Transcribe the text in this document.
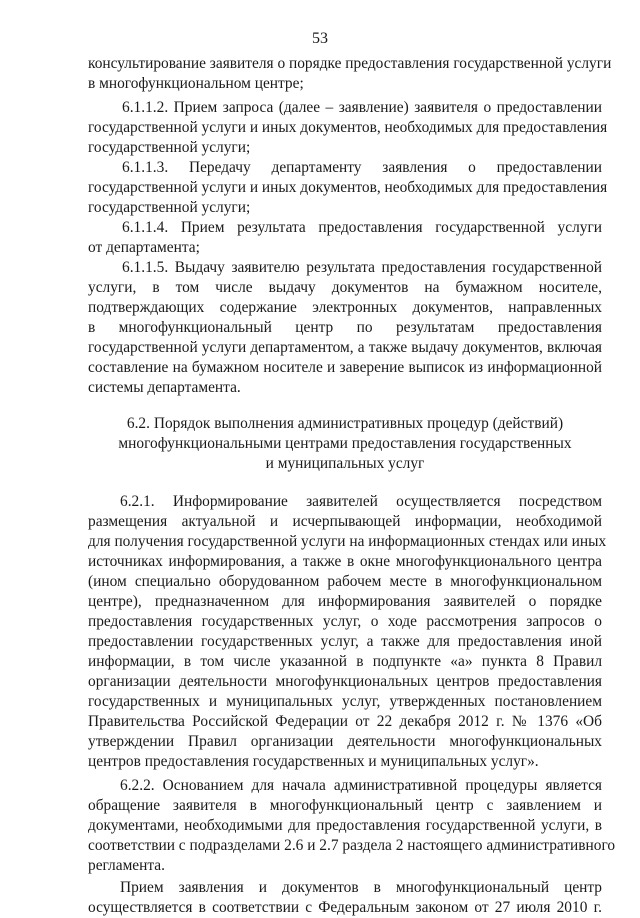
53
консультирование заявителя о порядке предоставления государственной услуги
в многофункциональном центре;
6.1.1.2. Прием запроса (далее – заявление) заявителя о предоставлении
государственной услуги и иных документов, необходимых для предоставления
государственной услуги;
6.1.1.3. Передачу департаменту заявления о предоставлении
государственной услуги и иных документов, необходимых для предоставления
государственной услуги;
6.1.1.4. Прием результата предоставления государственной услуги
от департамента;
6.1.1.5. Выдачу заявителю результата предоставления государственной
услуги, в том числе выдачу документов на бумажном носителе,
подтверждающих содержание электронных документов, направленных
в многофункциональный центр по результатам предоставления
государственной услуги департаментом, а также выдачу документов, включая
составление на бумажном носителе и заверение выписок из информационной
системы департамента.
6.2. Порядок выполнения административных процедур (действий)
многофункциональными центрами предоставления государственных
и муниципальных услуг
6.2.1. Информирование заявителей осуществляется посредством
размещения актуальной и исчерпывающей информации, необходимой
для получения государственной услуги на информационных стендах или иных
источниках информирования, а также в окне многофункционального центра
(ином специально оборудованном рабочем месте в многофункциональном
центре), предназначенном для информирования заявителей о порядке
предоставления государственных услуг, о ходе рассмотрения запросов о
предоставлении государственных услуг, а также для предоставления иной
информации, в том числе указанной в подпункте «а» пункта 8 Правил
организации деятельности многофункциональных центров предоставления
государственных и муниципальных услуг, утвержденных постановлением
Правительства Российской Федерации от 22 декабря 2012 г. № 1376 «Об
утверждении Правил организации деятельности многофункциональных
центров предоставления государственных и муниципальных услуг».
6.2.2. Основанием для начала административной процедуры является
обращение заявителя в многофункциональный центр с заявлением и
документами, необходимыми для предоставления государственной услуги, в
соответствии с подразделами 2.6 и 2.7 раздела 2 настоящего административного
регламента.
Прием заявления и документов в многофункциональный центр
осуществляется в соответствии с Федеральным законом от 27 июля 2010 г.
